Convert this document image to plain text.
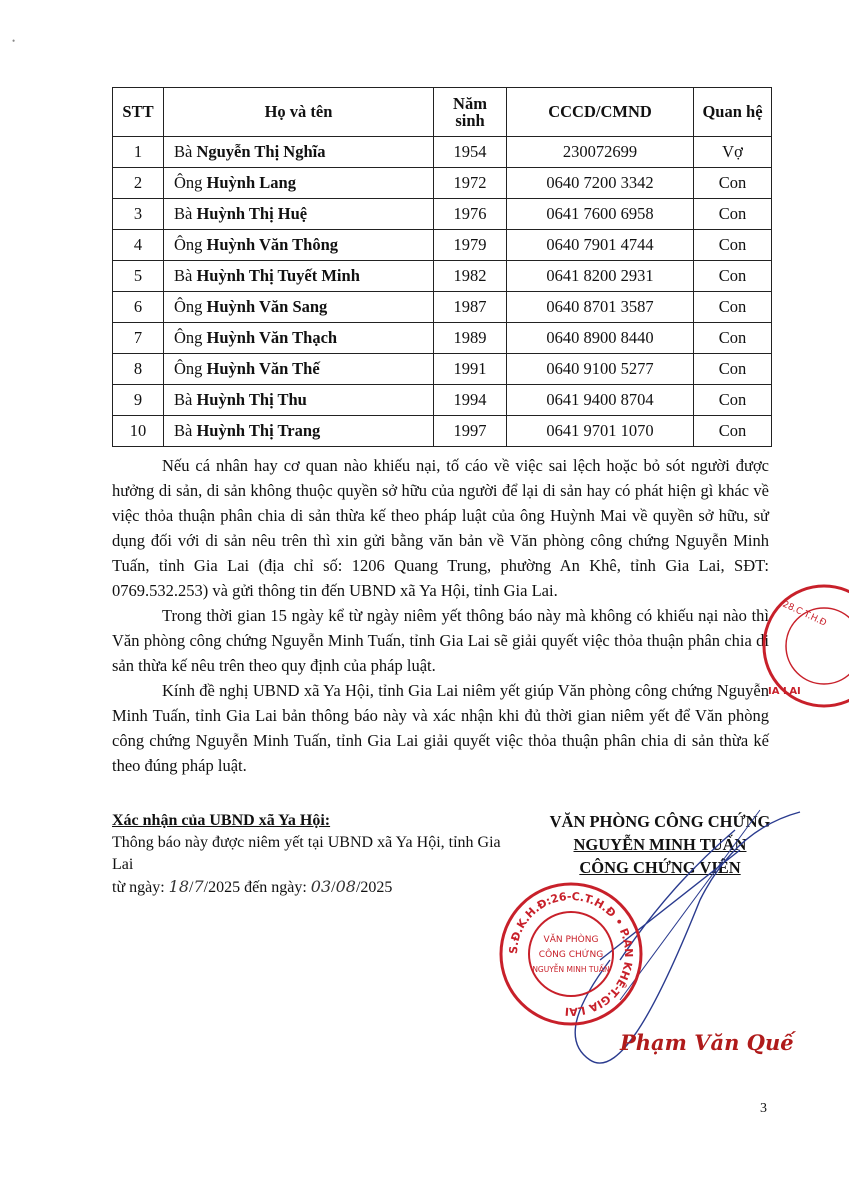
•
STT	Họ và tên	Năm sinh	CCCD/CMND	Quan hệ
1	Bà Nguyễn Thị Nghĩa	1954	230072699	Vợ
2	Ông Huỳnh Lang	1972	0640 7200 3342	Con
3	Bà Huỳnh Thị Huệ	1976	0641 7600 6958	Con
4	Ông Huỳnh Văn Thông	1979	0640 7901 4744	Con
5	Bà Huỳnh Thị Tuyết Minh	1982	0641 8200 2931	Con
6	Ông Huỳnh Văn Sang	1987	0640 8701 3587	Con
7	Ông Huỳnh Văn Thạch	1989	0640 8900 8440	Con
8	Ông Huỳnh Văn Thế	1991	0640 9100 5277	Con
9	Bà Huỳnh Thị Thu	1994	0641 9400 8704	Con
10	Bà Huỳnh Thị Trang	1997	0641 9701 1070	Con

Nếu cá nhân hay cơ quan nào khiếu nại, tố cáo về việc sai lệch hoặc bỏ sót người được hưởng di sản, di sản không thuộc quyền sở hữu của người để lại di sản hay có phát hiện gì khác về việc thỏa thuận phân chia di sản thừa kế theo pháp luật của ông Huỳnh Mai về quyền sở hữu, sử dụng đối với di sản nêu trên thì xin gửi bằng văn bản về Văn phòng công chứng Nguyễn Minh Tuấn, tỉnh Gia Lai (địa chỉ số: 1206 Quang Trung, phường An Khê, tỉnh Gia Lai, SĐT: 0769.532.253) và gửi thông tin đến UBND xã Ya Hội, tỉnh Gia Lai.

Trong thời gian 15 ngày kể từ ngày niêm yết thông báo này mà không có khiếu nại nào thì Văn phòng công chứng Nguyễn Minh Tuấn, tỉnh Gia Lai sẽ giải quyết việc thỏa thuận phân chia di sản thừa kế nêu trên theo quy định của pháp luật.

Kính đề nghị UBND xã Ya Hội, tỉnh Gia Lai niêm yết giúp Văn phòng công chứng Nguyễn Minh Tuấn, tỉnh Gia Lai bản thông báo này và xác nhận khi đủ thời gian niêm yết để Văn phòng công chứng Nguyễn Minh Tuấn, tỉnh Gia Lai giải quyết việc thỏa thuận phân chia di sản thừa kế theo đúng pháp luật.

Xác nhận của UBND xã Ya Hội:
Thông báo này được niêm yết tại UBND xã Ya Hội, tỉnh Gia Lai
từ ngày: 18/7/2025 đến ngày: 03/08/2025
VĂN PHÒNG CÔNG CHỨNG
NGUYỄN MINH TUẤN
CÔNG CHỨNG VIÊN
S.Đ.K.H.Đ:26-C.T.H.Đ • P.AN KHÊ-T.GIA LAI
VĂN PHÒNG
CÔNG CHỨNG
NGUYỄN MINH TUẤN
28.C.T.H.Đ
IA LAI
Phạm Văn Quế
3
